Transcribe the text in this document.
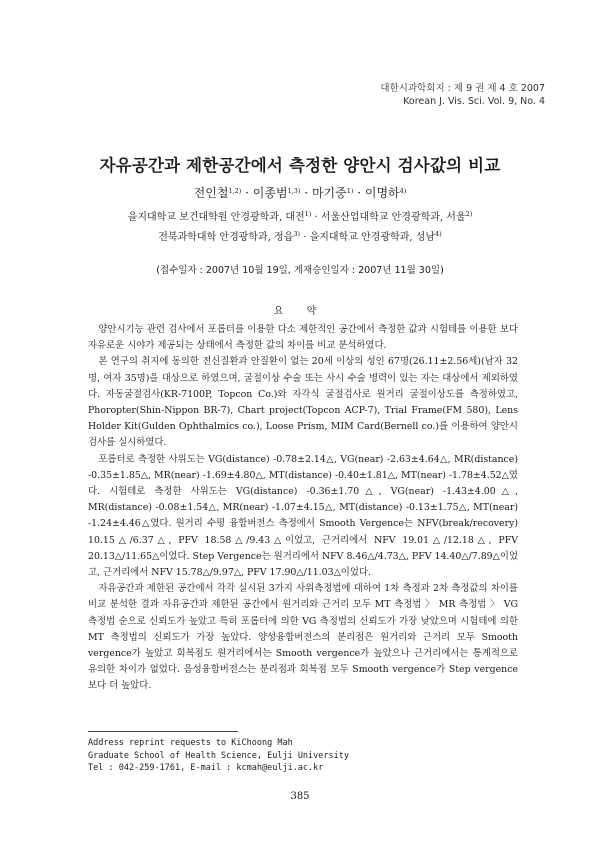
대한시과학회지 : 제 9 권 제 4 호 2007
Korean J. Vis. Sci. Vol. 9, No. 4
자유공간과 제한공간에서 측정한 양안시 검사값의 비교
전인철$^{1,2)}$ · 이종범$^{1,3)}$ · 마기중$^{1)}$ · 이명하$^{4)}$
을지대학교 보건대학원 안경광학과, 대전$^{1)}$ · 서울산업대학교 안경광학과, 서울$^{2)}$
전북과학대학 안경광학과, 정읍$^{3)}$ · 을지대학교 안경광학과, 성남$^{4)}$
(접수일자 : 2007년 10월 19일, 게재승인일자 : 2007년 11월 30일)
요 약

양안시기능 관련 검사에서 포롭터를 이용한 다소 제한적인 공간에서 측정한 값과 시험테를 이용한 보다 자유로운 시야가 제공되는 상태에서 측정한 값의 차이를 비교 분석하였다.

본 연구의 취지에 동의한 전신질환과 안질환이 없는 20세 이상의 성인 67명(26.11±2.56세)(남자 32명, 여자 35명)을 대상으로 하였으며, 굴절이상 수술 또는 사시 수술 병력이 있는 자는 대상에서 제외하였다. 자동굴절검사(KR-7100P, Topcon Co.)와 자각식 굴절검사로 원거리 굴절이상도를 측정하였고, Phoropter(Shin-Nippon BR-7), Chart project(Topcon ACP-7), Trial Frame(FM 580), Lens Holder Kit(Gulden Ophthalmics co.), Loose Prism, MIM Card(Bernell co.)를 이용하여 양안시 검사를 실시하였다.

포롭터로 측정한 사위도는 VG(distance) -0.78±2.14△, VG(near) -2.63±4.64△, MR(distance) -0.35±1.85△, MR(near) -1.69±4.80△, MT(distance) -0.40±1.81△, MT(near) -1.78±4.52△였다. 시험테로 측정한 사위도는 VG(distance) -0.36±1.70△, VG(near) -1.43±4.00△, MR(distance) -0.08±1.54△, MR(near) -1.07±4.15△, MT(distance) -0.13±1.75△, MT(near) -1.24±4.46△였다. 원거리 수평 융합버전스 측정에서 Smooth Vergence는 NFV(break/recovery) 10.15△/6.37△, PFV 18.58△/9.43△이었고, 근거리에서 NFV 19.01△/12.18△, PFV 20.13△/11.65△이었다. Step Vergence는 원거리에서 NFV 8.46△/4.73△, PFV 14.40△/7.89△이었고, 근거리에서 NFV 15.78△/9.97△, PFV 17.90△/11.03△이었다.

자유공간과 제한된 공간에서 각각 실시된 3가지 사위측정법에 대하여 1차 측정과 2차 측정값의 차이를 비교 분석한 결과 자유공간과 제한된 공간에서 원거리와 근거리 모두 MT 측정법 〉 MR 측정법 〉 VG 측정법 순으로 신뢰도가 높았고 특히 포롭터에 의한 VG 측정법의 신뢰도가 가장 낮았으며 시험테에 의한 MT 측정법의 신뢰도가 가장 높았다. 양성융합버전스의 분리점은 원거리와 근거리 모두 Smooth vergence가 높았고 회복점도 원거리에서는 Smooth vergence가 높았으나 근거리에서는 통계적으로 유의한 차이가 없었다. 음성융합버전스는 분리점과 회복점 모두 Smooth vergence가 Step vergence보다 더 높았다.

Address reprint requests to KiChoong Mah
Graduate School of Health Science, Eulji University
Tel : 042-259-1761, E-mail : kcmah@eulji.ac.kr
385
